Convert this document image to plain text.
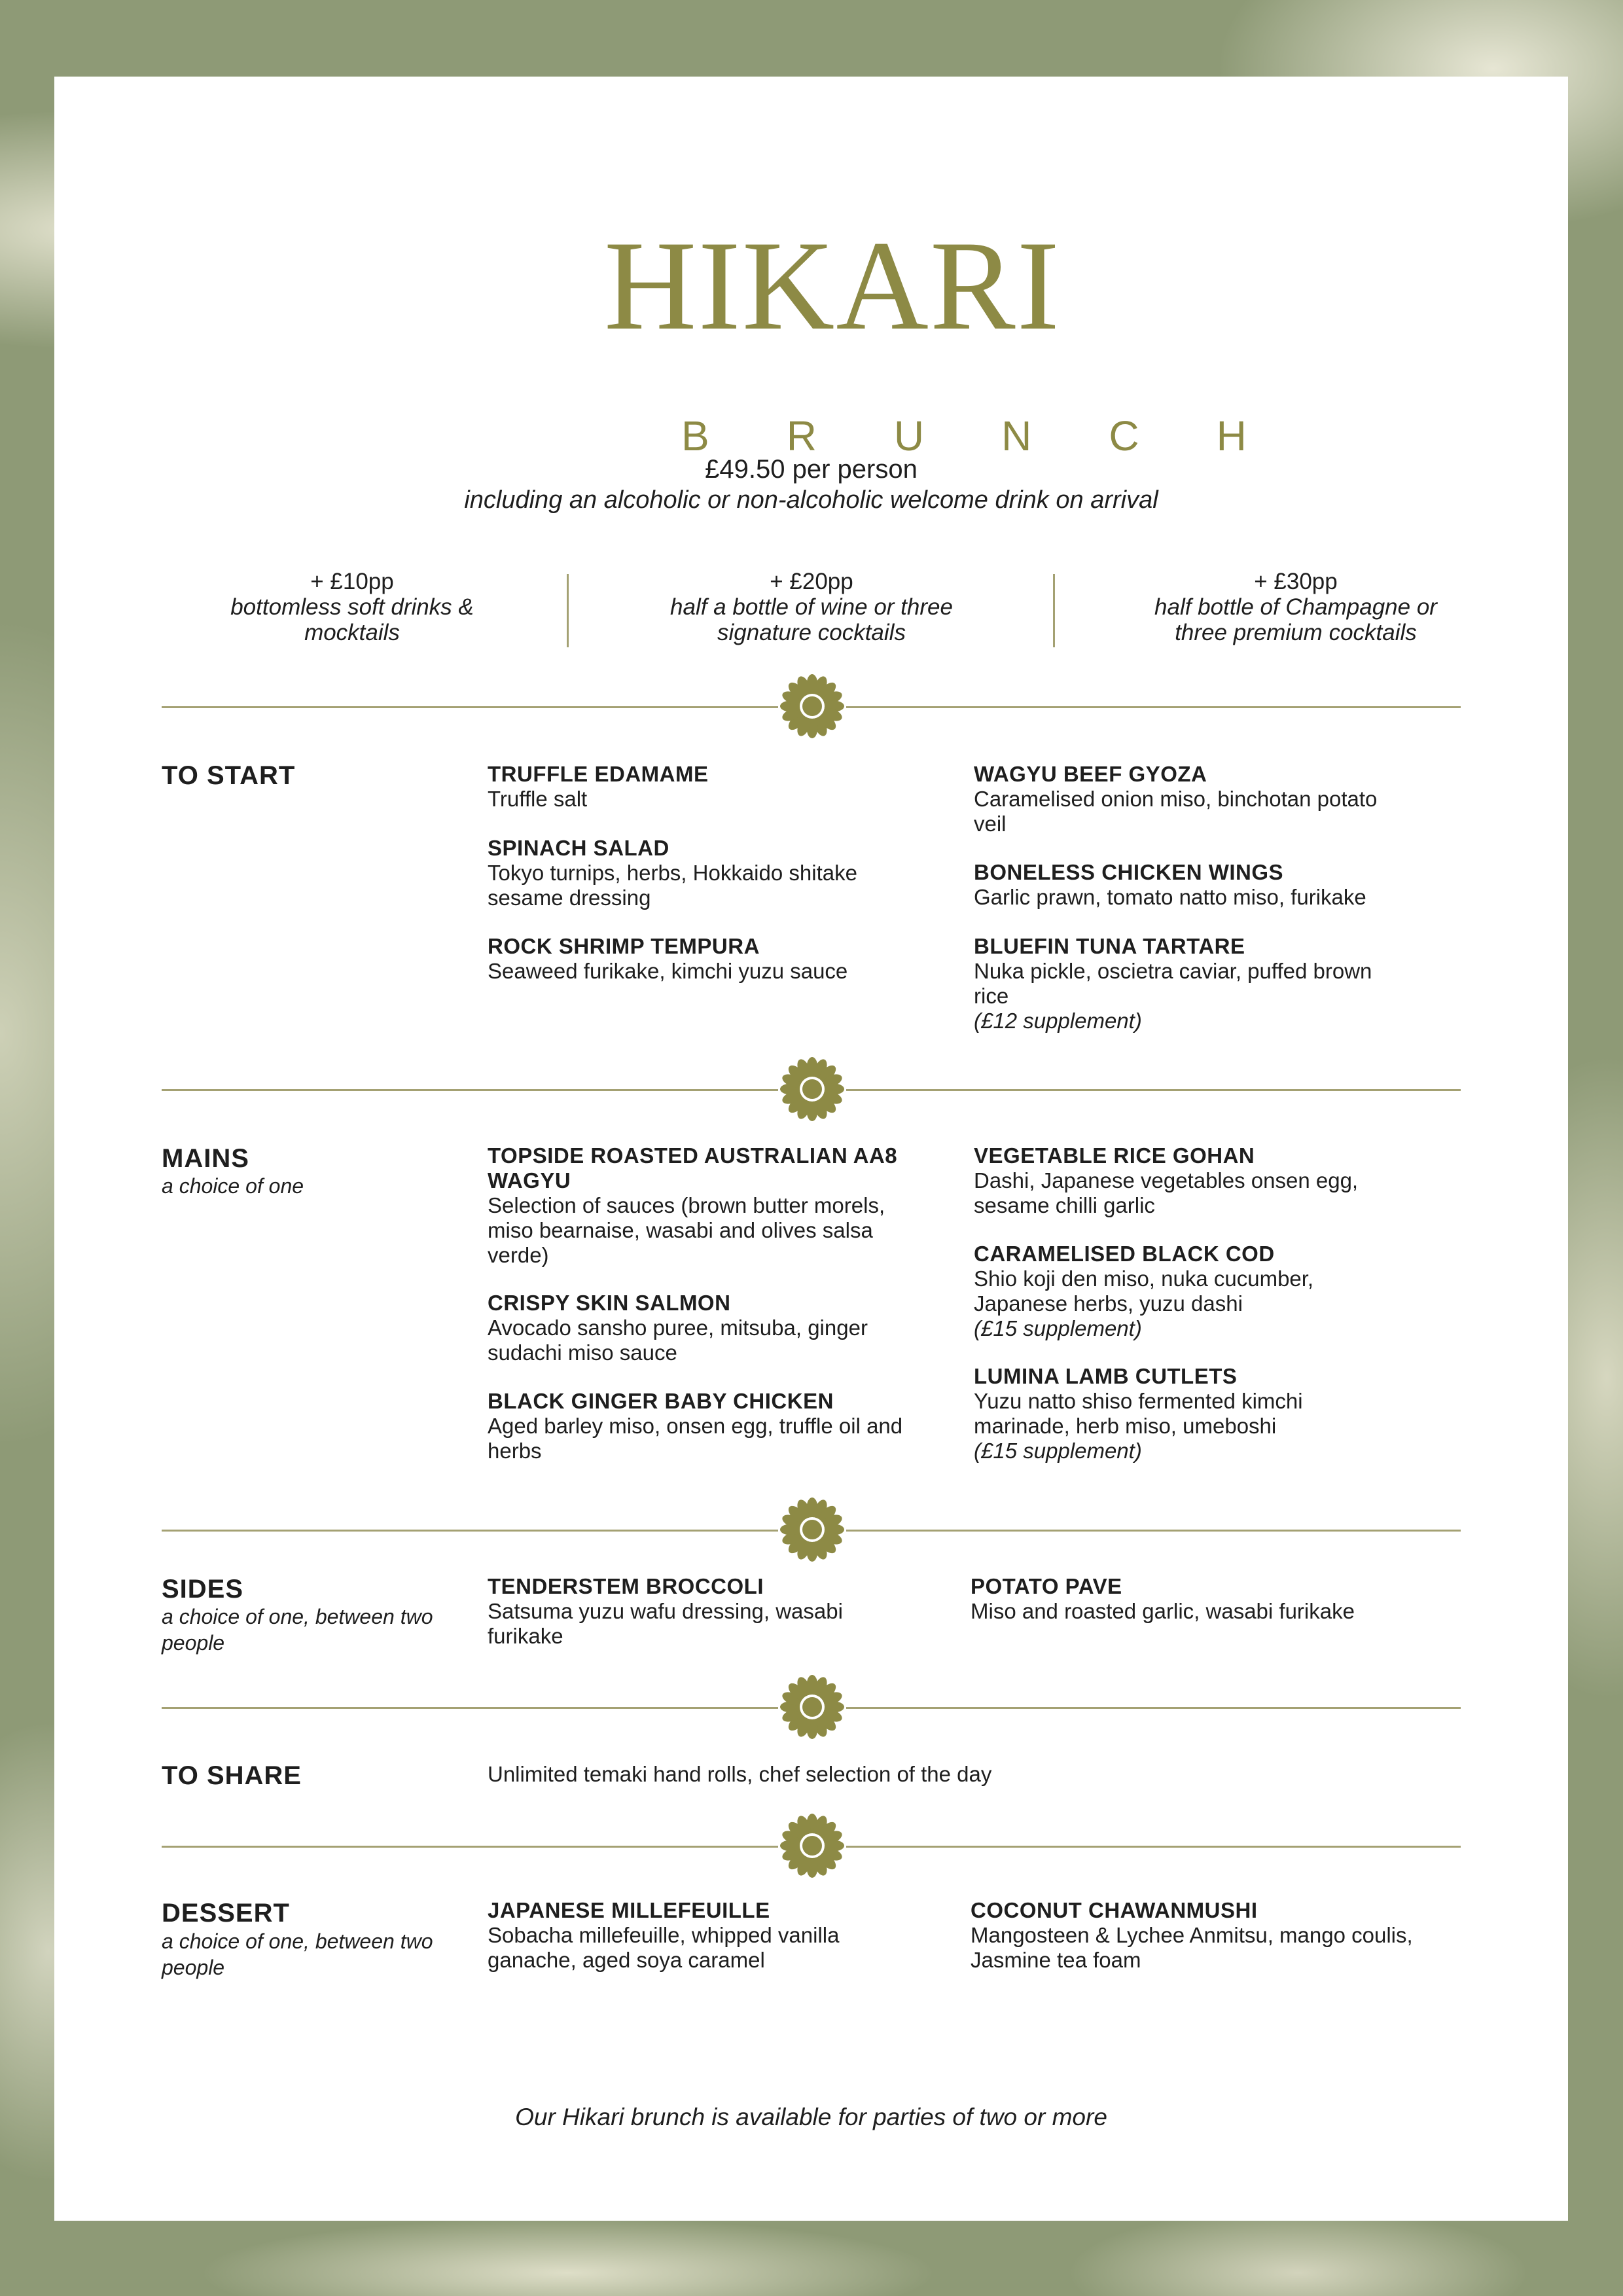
HIKARI
BRUNCH
£49.50 per person
including an alcoholic or non-alcoholic welcome drink on arrival
+ £10pp
bottomless soft drinks & mocktails
+ £20pp
half a bottle of wine or three signature cocktails
+ £30pp
half bottle of Champagne or three premium cocktails
TO START	TRUFFLE EDAMAME
Truffle salt
SPINACH SALAD
Tokyo turnips, herbs, Hokkaido shitake sesame dressing
ROCK SHRIMP TEMPURA
Seaweed furikake, kimchi yuzu sauce
WAGYU BEEF GYOZA
Caramelised onion miso, binchotan potato veil
BONELESS CHICKEN WINGS
Garlic prawn, tomato natto miso, furikake
BLUEFIN TUNA TARTARE
Nuka pickle, oscietra caviar, puffed brown rice
(£12 supplement)
MAINS
a choice of one
TOPSIDE ROASTED AUSTRALIAN AA8 WAGYU
Selection of sauces (brown butter morels, miso bearnaise, wasabi and olives salsa verde)
CRISPY SKIN SALMON
Avocado sansho puree, mitsuba, ginger sudachi miso sauce
BLACK GINGER BABY CHICKEN
Aged barley miso, onsen egg, truffle oil and herbs
VEGETABLE RICE GOHAN
Dashi, Japanese vegetables onsen egg, sesame chilli garlic
CARAMELISED BLACK COD
Shio koji den miso, nuka cucumber, Japanese herbs, yuzu dashi
(£15 supplement)
LUMINA LAMB CUTLETS
Yuzu natto shiso fermented kimchi marinade, herb miso, umeboshi
(£15 supplement)
SIDES
a choice of one, between two people
TENDERSTEM BROCCOLI
Satsuma yuzu wafu dressing, wasabi furikake
POTATO PAVE
Miso and roasted garlic, wasabi furikake
TO SHARE	Unlimited temaki hand rolls, chef selection of the day
DESSERT
a choice of one, between two people
JAPANESE MILLEFEUILLE
Sobacha millefeuille, whipped vanilla ganache, aged soya caramel
COCONUT CHAWANMUSHI
Mangosteen & Lychee Anmitsu, mango coulis, Jasmine tea foam
Our Hikari brunch is available for parties of two or more
